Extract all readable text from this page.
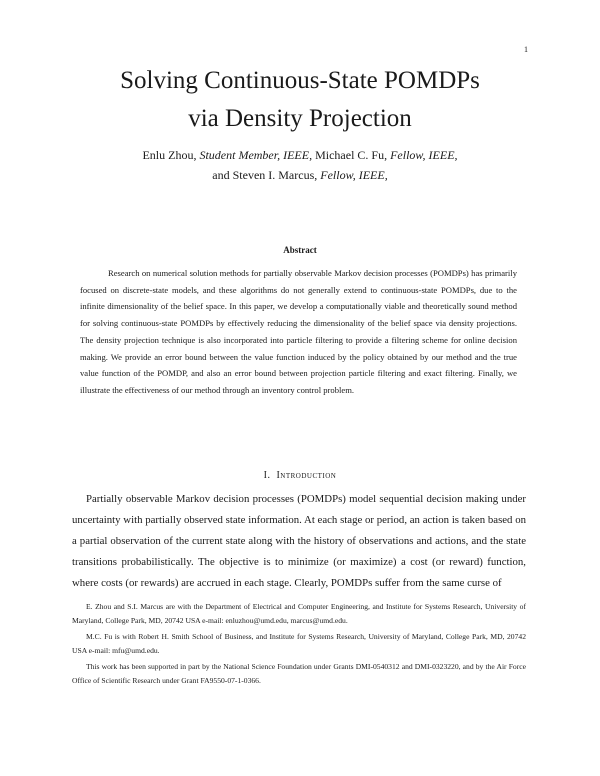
1
Solving Continuous-State POMDPs
via Density Projection
Enlu Zhou, Student Member, IEEE, Michael C. Fu, Fellow, IEEE,
and Steven I. Marcus, Fellow, IEEE,
Abstract

Research on numerical solution methods for partially observable Markov decision processes (POMDPs) has primarily focused on discrete-state models, and these algorithms do not generally extend to continuous-state POMDPs, due to the infinite dimensionality of the belief space. In this paper, we develop a computationally viable and theoretically sound method for solving continuous-state POMDPs by effectively reducing the dimensionality of the belief space via density projections. The density projection technique is also incorporated into particle filtering to provide a filtering scheme for online decision making. We provide an error bound between the value function induced by the policy obtained by our method and the true value function of the POMDP, and also an error bound between projection particle filtering and exact filtering. Finally, we illustrate the effectiveness of our method through an inventory control problem.

I. Introduction

Partially observable Markov decision processes (POMDPs) model sequential decision making under uncertainty with partially observed state information. At each stage or period, an action is taken based on a partial observation of the current state along with the history of observations and actions, and the state transitions probabilistically. The objective is to minimize (or maximize) a cost (or reward) function, where costs (or rewards) are accrued in each stage. Clearly, POMDPs suffer from the same curse of

E. Zhou and S.I. Marcus are with the Department of Electrical and Computer Engineering, and Institute for Systems Research, University of Maryland, College Park, MD, 20742 USA e-mail: enluzhou@umd.edu, marcus@umd.edu.

M.C. Fu is with Robert H. Smith School of Business, and Institute for Systems Research, University of Maryland, College Park, MD, 20742 USA e-mail: mfu@umd.edu.

This work has been supported in part by the National Science Foundation under Grants DMI-0540312 and DMI-0323220, and by the Air Force Office of Scientific Research under Grant FA9550-07-1-0366.
